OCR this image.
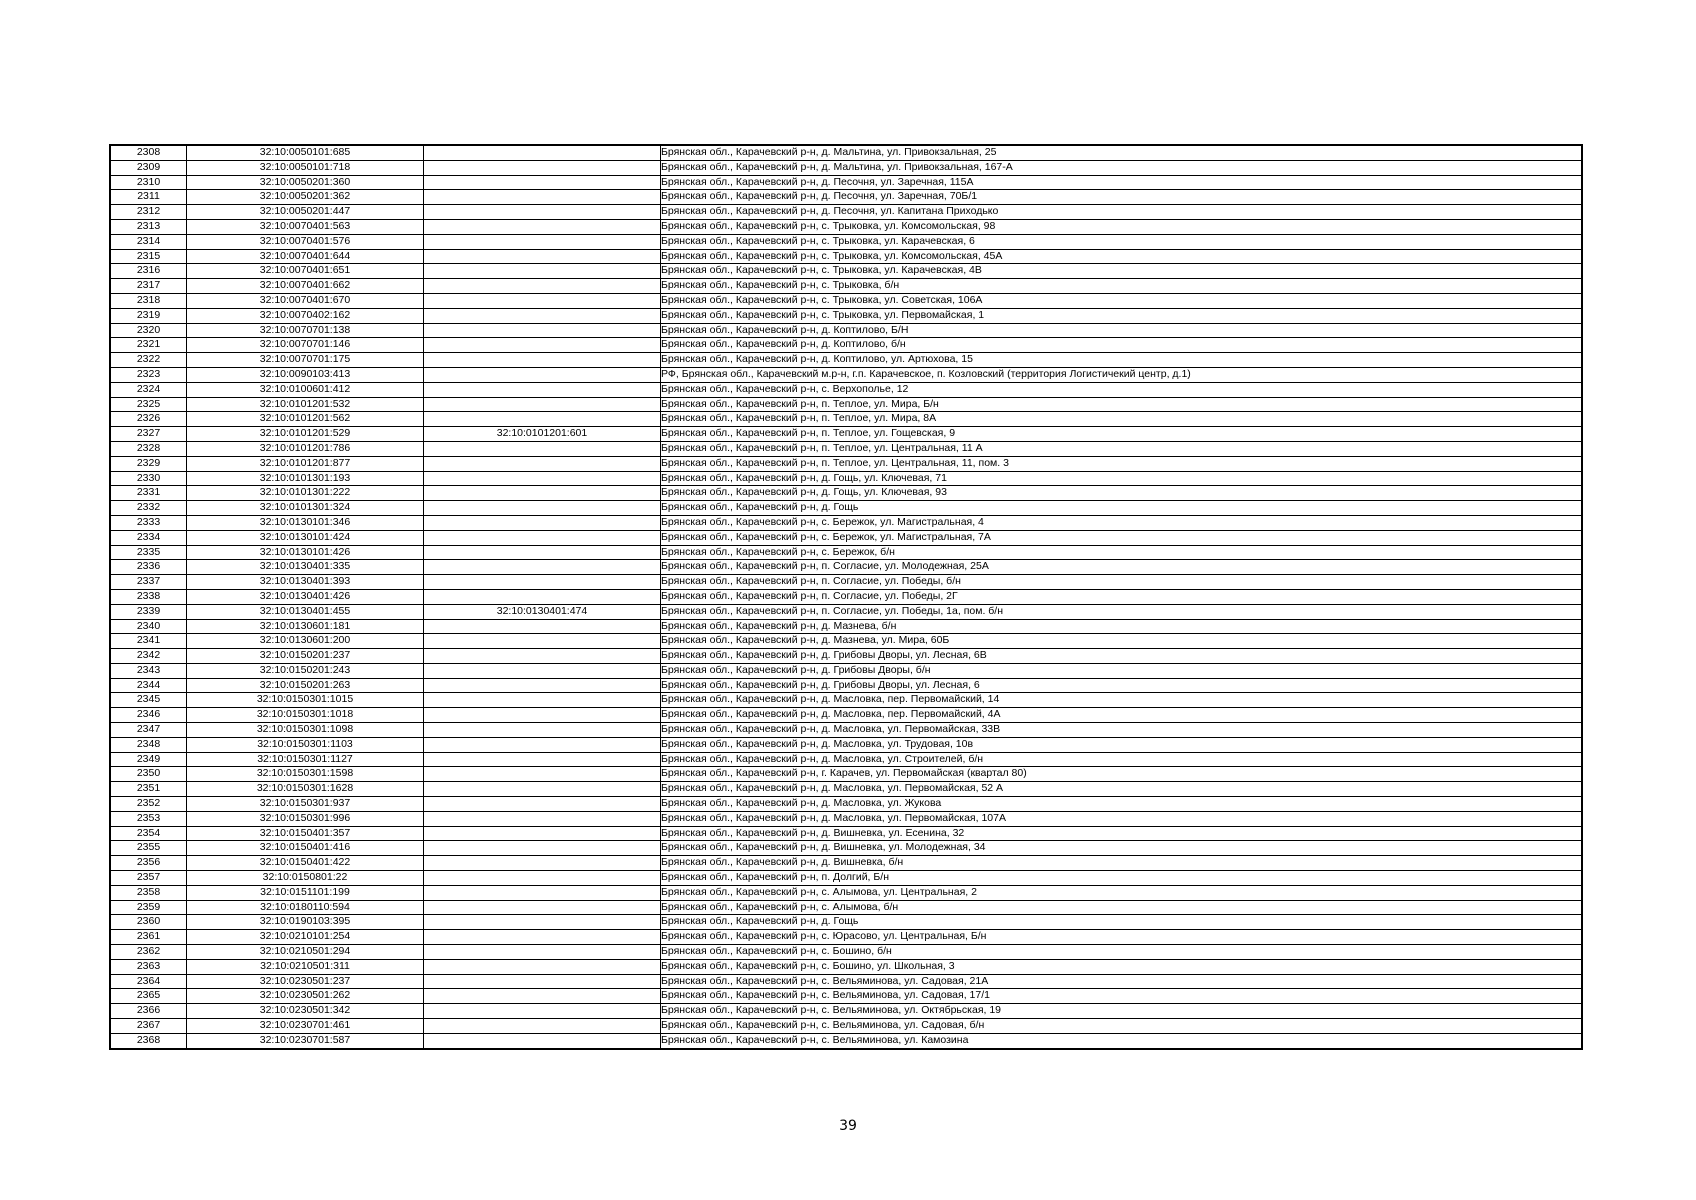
2308	32:10:0050101:685		Брянская обл., Карачевский р-н, д. Мальтина, ул. Привокзальная, 25
2309	32:10:0050101:718		Брянская обл., Карачевский р-н, д. Мальтина, ул. Привокзальная, 167-А
2310	32:10:0050201:360		Брянская обл., Карачевский р-н, д. Песочня, ул. Заречная, 115А
2311	32:10:0050201:362		Брянская обл., Карачевский р-н, д. Песочня, ул. Заречная, 70Б/1
2312	32:10:0050201:447		Брянская обл., Карачевский р-н, д. Песочня, ул. Капитана Приходько
2313	32:10:0070401:563		Брянская обл., Карачевский р-н, с. Трыковка, ул. Комсомольская, 98
2314	32:10:0070401:576		Брянская обл., Карачевский р-н, с. Трыковка, ул. Карачевская, 6
2315	32:10:0070401:644		Брянская обл., Карачевский р-н, с. Трыковка, ул. Комсомольская, 45А
2316	32:10:0070401:651		Брянская обл., Карачевский р-н, с. Трыковка, ул. Карачевская, 4В
2317	32:10:0070401:662		Брянская обл., Карачевский р-н, с. Трыковка, б/н
2318	32:10:0070401:670		Брянская обл., Карачевский р-н, с. Трыковка, ул. Советская, 106А
2319	32:10:0070402:162		Брянская обл., Карачевский р-н, с. Трыковка, ул. Первомайская, 1
2320	32:10:0070701:138		Брянская обл., Карачевский р-н, д. Коптилово, Б/Н
2321	32:10:0070701:146		Брянская обл., Карачевский р-н, д. Коптилово, б/н
2322	32:10:0070701:175		Брянская обл., Карачевский р-н, д. Коптилово, ул. Артюхова, 15
2323	32:10:0090103:413		РФ, Брянская обл., Карачевский м.р-н, г.п. Карачевское, п. Козловский (территория Логистичекий центр, д.1)
2324	32:10:0100601:412		Брянская обл., Карачевский р-н, с. Верхополье, 12
2325	32:10:0101201:532		Брянская обл., Карачевский р-н, п. Теплое, ул. Мира, Б/н
2326	32:10:0101201:562		Брянская обл., Карачевский р-н, п. Теплое, ул. Мира, 8А
2327	32:10:0101201:529	32:10:0101201:601	Брянская обл., Карачевский р-н, п. Теплое, ул. Гощевская, 9
2328	32:10:0101201:786		Брянская обл., Карачевский р-н, п. Теплое, ул. Центральная, 11 А
2329	32:10:0101201:877		Брянская обл., Карачевский р-н, п. Теплое, ул. Центральная, 11, пом. 3
2330	32:10:0101301:193		Брянская обл., Карачевский р-н, д. Гощь, ул. Ключевая, 71
2331	32:10:0101301:222		Брянская обл., Карачевский р-н, д. Гощь, ул. Ключевая, 93
2332	32:10:0101301:324		Брянская обл., Карачевский р-н, д. Гощь
2333	32:10:0130101:346		Брянская обл., Карачевский р-н, с. Бережок, ул. Магистральная, 4
2334	32:10:0130101:424		Брянская обл., Карачевский р-н, с. Бережок, ул. Магистральная, 7А
2335	32:10:0130101:426		Брянская обл., Карачевский р-н, с. Бережок, б/н
2336	32:10:0130401:335		Брянская обл., Карачевский р-н, п. Согласие, ул. Молодежная, 25А
2337	32:10:0130401:393		Брянская обл., Карачевский р-н, п. Согласие, ул. Победы, б/н
2338	32:10:0130401:426		Брянская обл., Карачевский р-н, п. Согласие, ул. Победы, 2Г
2339	32:10:0130401:455	32:10:0130401:474	Брянская обл., Карачевский р-н, п. Согласие, ул. Победы, 1а, пом. б/н
2340	32:10:0130601:181		Брянская обл., Карачевский р-н, д. Мазнева, б/н
2341	32:10:0130601:200		Брянская обл., Карачевский р-н, д. Мазнева, ул. Мира, 60Б
2342	32:10:0150201:237		Брянская обл., Карачевский р-н, д. Грибовы Дворы, ул. Лесная, 6В
2343	32:10:0150201:243		Брянская обл., Карачевский р-н, д. Грибовы Дворы, б/н
2344	32:10:0150201:263		Брянская обл., Карачевский р-н, д. Грибовы Дворы, ул. Лесная, 6
2345	32:10:0150301:1015		Брянская обл., Карачевский р-н, д. Масловка, пер. Первомайский, 14
2346	32:10:0150301:1018		Брянская обл., Карачевский р-н, д. Масловка, пер. Первомайский, 4А
2347	32:10:0150301:1098		Брянская обл., Карачевский р-н, д. Масловка, ул. Первомайская, 33В
2348	32:10:0150301:1103		Брянская обл., Карачевский р-н, д. Масловка, ул. Трудовая, 10в
2349	32:10:0150301:1127		Брянская обл., Карачевский р-н, д. Масловка, ул. Строителей, б/н
2350	32:10:0150301:1598		Брянская обл., Карачевский р-н, г. Карачев, ул. Первомайская (квартал 80)
2351	32:10:0150301:1628		Брянская обл., Карачевский р-н, д. Масловка, ул. Первомайская, 52 А
2352	32:10:0150301:937		Брянская обл., Карачевский р-н, д. Масловка, ул. Жукова
2353	32:10:0150301:996		Брянская обл., Карачевский р-н, д. Масловка, ул. Первомайская, 107А
2354	32:10:0150401:357		Брянская обл., Карачевский р-н, д. Вишневка, ул. Есенина, 32
2355	32:10:0150401:416		Брянская обл., Карачевский р-н, д. Вишневка, ул. Молодежная, 34
2356	32:10:0150401:422		Брянская обл., Карачевский р-н, д. Вишневка, б/н
2357	32:10:0150801:22		Брянская обл., Карачевский р-н, п. Долгий, Б/н
2358	32:10:0151101:199		Брянская обл., Карачевский р-н, с. Алымова, ул. Центральная, 2
2359	32:10:0180110:594		Брянская обл., Карачевский р-н, с. Алымова, б/н
2360	32:10:0190103:395		Брянская обл., Карачевский р-н, д. Гощь
2361	32:10:0210101:254		Брянская обл., Карачевский р-н, с. Юрасово, ул. Центральная, Б/н
2362	32:10:0210501:294		Брянская обл., Карачевский р-н, с. Бошино, б/н
2363	32:10:0210501:311		Брянская обл., Карачевский р-н, с. Бошино, ул. Школьная, 3
2364	32:10:0230501:237		Брянская обл., Карачевский р-н, с. Вельяминова, ул. Садовая, 21А
2365	32:10:0230501:262		Брянская обл., Карачевский р-н, с. Вельяминова, ул. Садовая, 17/1
2366	32:10:0230501:342		Брянская обл., Карачевский р-н, с. Вельяминова, ул. Октябрьская, 19
2367	32:10:0230701:461		Брянская обл., Карачевский р-н, с. Вельяминова, ул. Садовая, б/н
2368	32:10:0230701:587		Брянская обл., Карачевский р-н, с. Вельяминова, ул. Камозина
39
